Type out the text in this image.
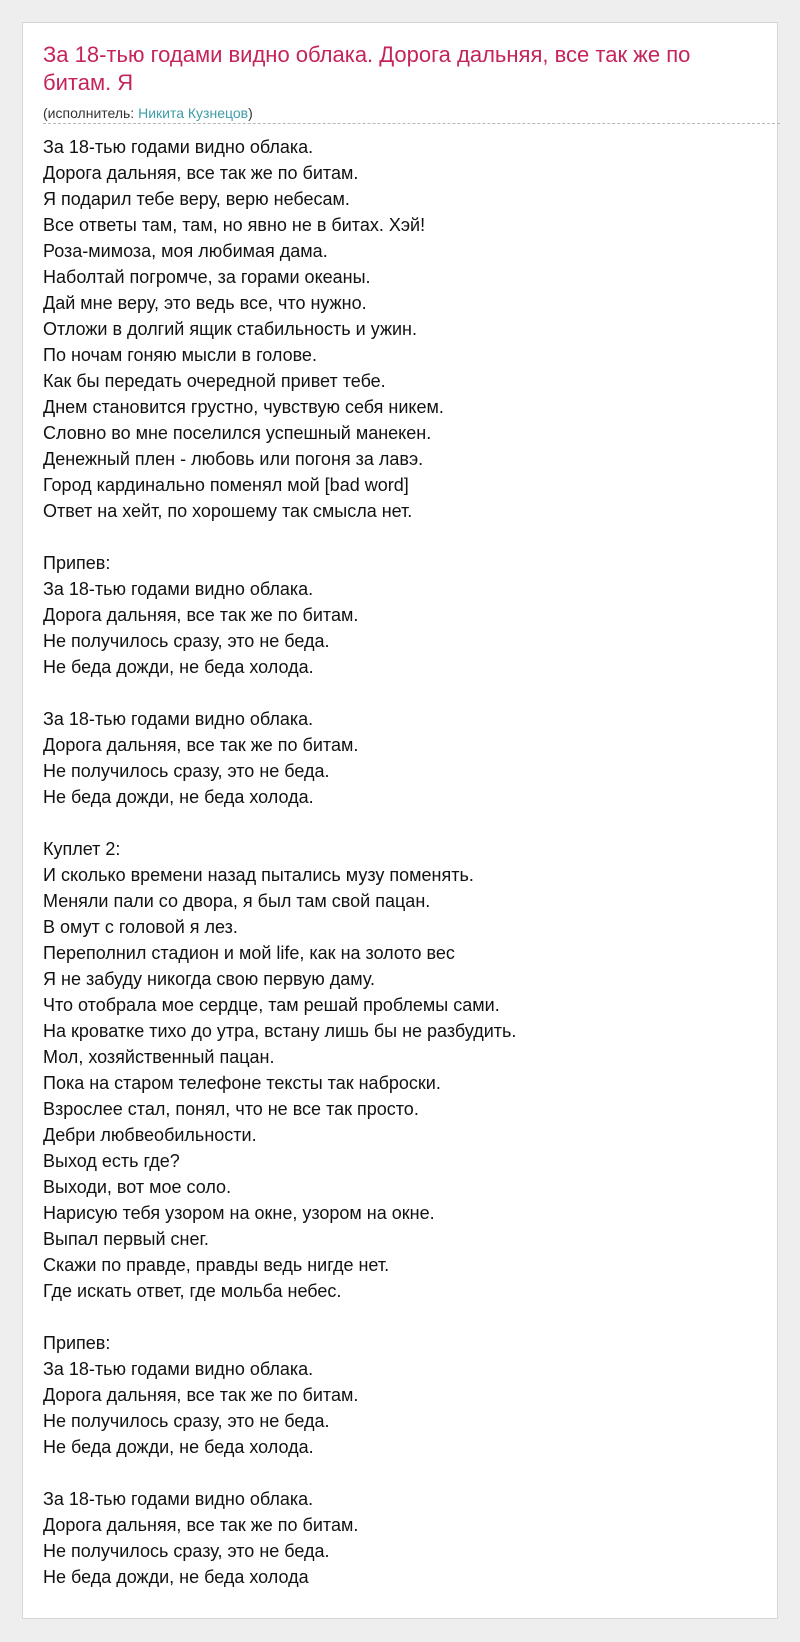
За 18-тью годами видно облака. Дорога дальняя, все так же по битам. Я
(исполнитель: Никита Кузнецов)
За 18-тью годами видно облака.
Дорога дальняя, все так же по битам.
Я подарил тебе веру, верю небесам.
Все ответы там, там, но явно не в битах. Хэй!
Роза-мимоза, моя любимая дама.
Наболтай погромче, за горами океаны.
Дай мне веру, это ведь все, что нужно.
Отложи в долгий ящик стабильность и ужин.
По ночам гоняю мысли в голове.
Как бы передать очередной привет тебе.
Днем становится грустно, чувствую себя никем.
Словно во мне поселился успешный манекен.
Денежный плен - любовь или погоня за лавэ.
Город кардинально поменял мой [bad word]
Ответ на хейт, по хорошему так смысла нет.
Припев:
За 18-тью годами видно облака.
Дорога дальняя, все так же по битам.
Не получилось сразу, это не беда.
Не беда дожди, не беда холода.
За 18-тью годами видно облака.
Дорога дальняя, все так же по битам.
Не получилось сразу, это не беда.
Не беда дожди, не беда холода.
Куплет 2:
И сколько времени назад пытались музу поменять.
Меняли пали со двора, я был там свой пацан.
В омут с головой я лез.
Переполнил стадион и мой life, как на золото вес
Я не забуду никогда свою первую даму.
Что отобрала мое сердце, там решай проблемы сами.
На кроватке тихо до утра, встану лишь бы не разбудить.
Мол, хозяйственный пацан.
Пока на старом телефоне тексты так наброски.
Взрослее стал, понял, что не все так просто.
Дебри любвеобильности.
Выход есть где?
Выходи, вот мое соло.
Нарисую тебя узором на окне, узором на окне.
Выпал первый снег.
Скажи по правде, правды ведь нигде нет.
Где искать ответ, где мольба небес.
Припев:
За 18-тью годами видно облака.
Дорога дальняя, все так же по битам.
Не получилось сразу, это не беда.
Не беда дожди, не беда холода.
За 18-тью годами видно облака.
Дорога дальняя, все так же по битам.
Не получилось сразу, это не беда.
Не беда дожди, не беда холода
